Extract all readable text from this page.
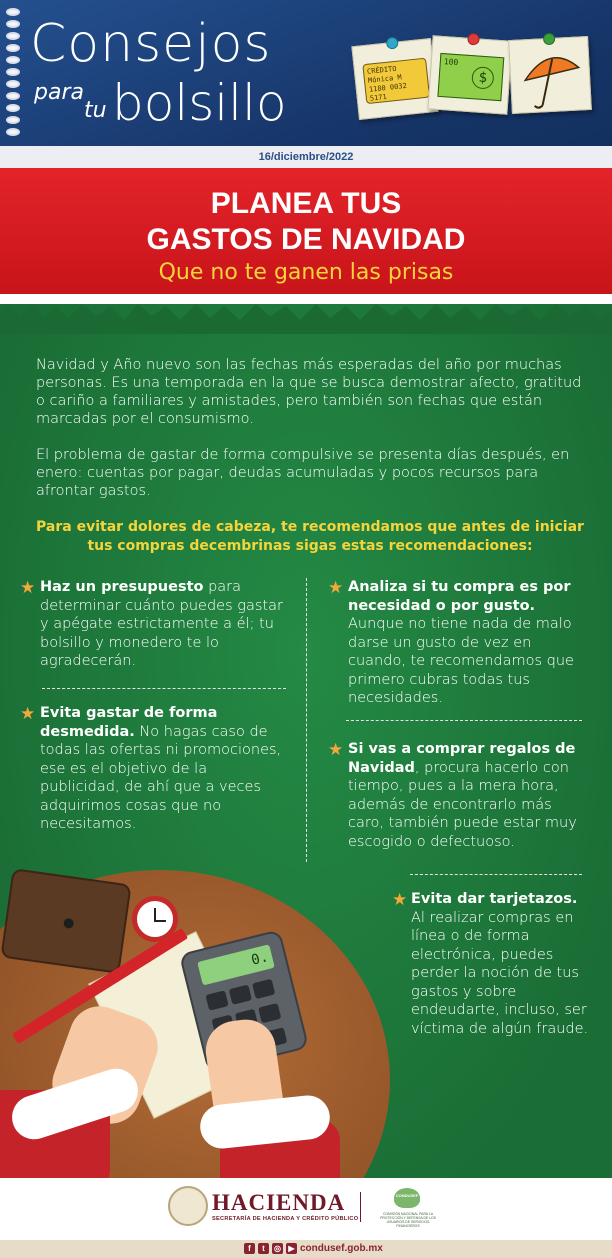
Consejos
para
tu bolsillo
CRÉDITO
Mónica M
1180 0032 5171
100
$
16/diciembre/2022
PLANEA TUS
GASTOS DE NAVIDAD
Que no te ganen las prisas
Navidad y Año nuevo son las fechas más esperadas del año por muchas personas. Es una temporada en la que se busca demostrar afecto, gratitud o cariño a familiares y amistades, pero también son fechas que están marcadas por el consumismo.
El problema de gastar de forma compulsive se presenta días después, en enero: cuentas por pagar, deudas acumuladas y pocos recursos para afrontar gastos.
Para evitar dolores de cabeza, te recomendamos que antes de iniciar tus compras decembrinas sigas estas recomendaciones:
★ Haz un presupuesto para determinar cuánto puedes gastar y apégate estrictamente a él; tu bolsillo y monedero te lo agradecerán.
★ Evita gastar de forma desmedida. No hagas caso de todas las ofertas ni promociones, ese es el objetivo de la publicidad, de ahí que a veces adquirimos cosas que no necesitamos.
★ Analiza si tu compra es por necesidad o por gusto. Aunque no tiene nada de malo darse un gusto de vez en cuando, te recomendamos que primero cubras todas tus necesidades.
★ Si vas a comprar regalos de Navidad, procura hacerlo con tiempo, pues a la mera hora, además de encontrarlo más caro, también puede estar muy escogido o defectuoso.
★ Evita dar tarjetazos. Al realizar compras en línea o de forma electrónica, puedes perder la noción de tus gastos y sobre endeudarte, incluso, ser víctima de algún fraude.
0.
HACIENDA
SECRETARÍA DE HACIENDA Y CRÉDITO PÚBLICO
CONDUSEF
COMISIÓN NACIONAL PARA LA PROTECCIÓN Y DEFENSA DE LOS USUARIOS DE SERVICIOS FINANCIEROS
f	t	◎ ▶ condusef.gob.mx
